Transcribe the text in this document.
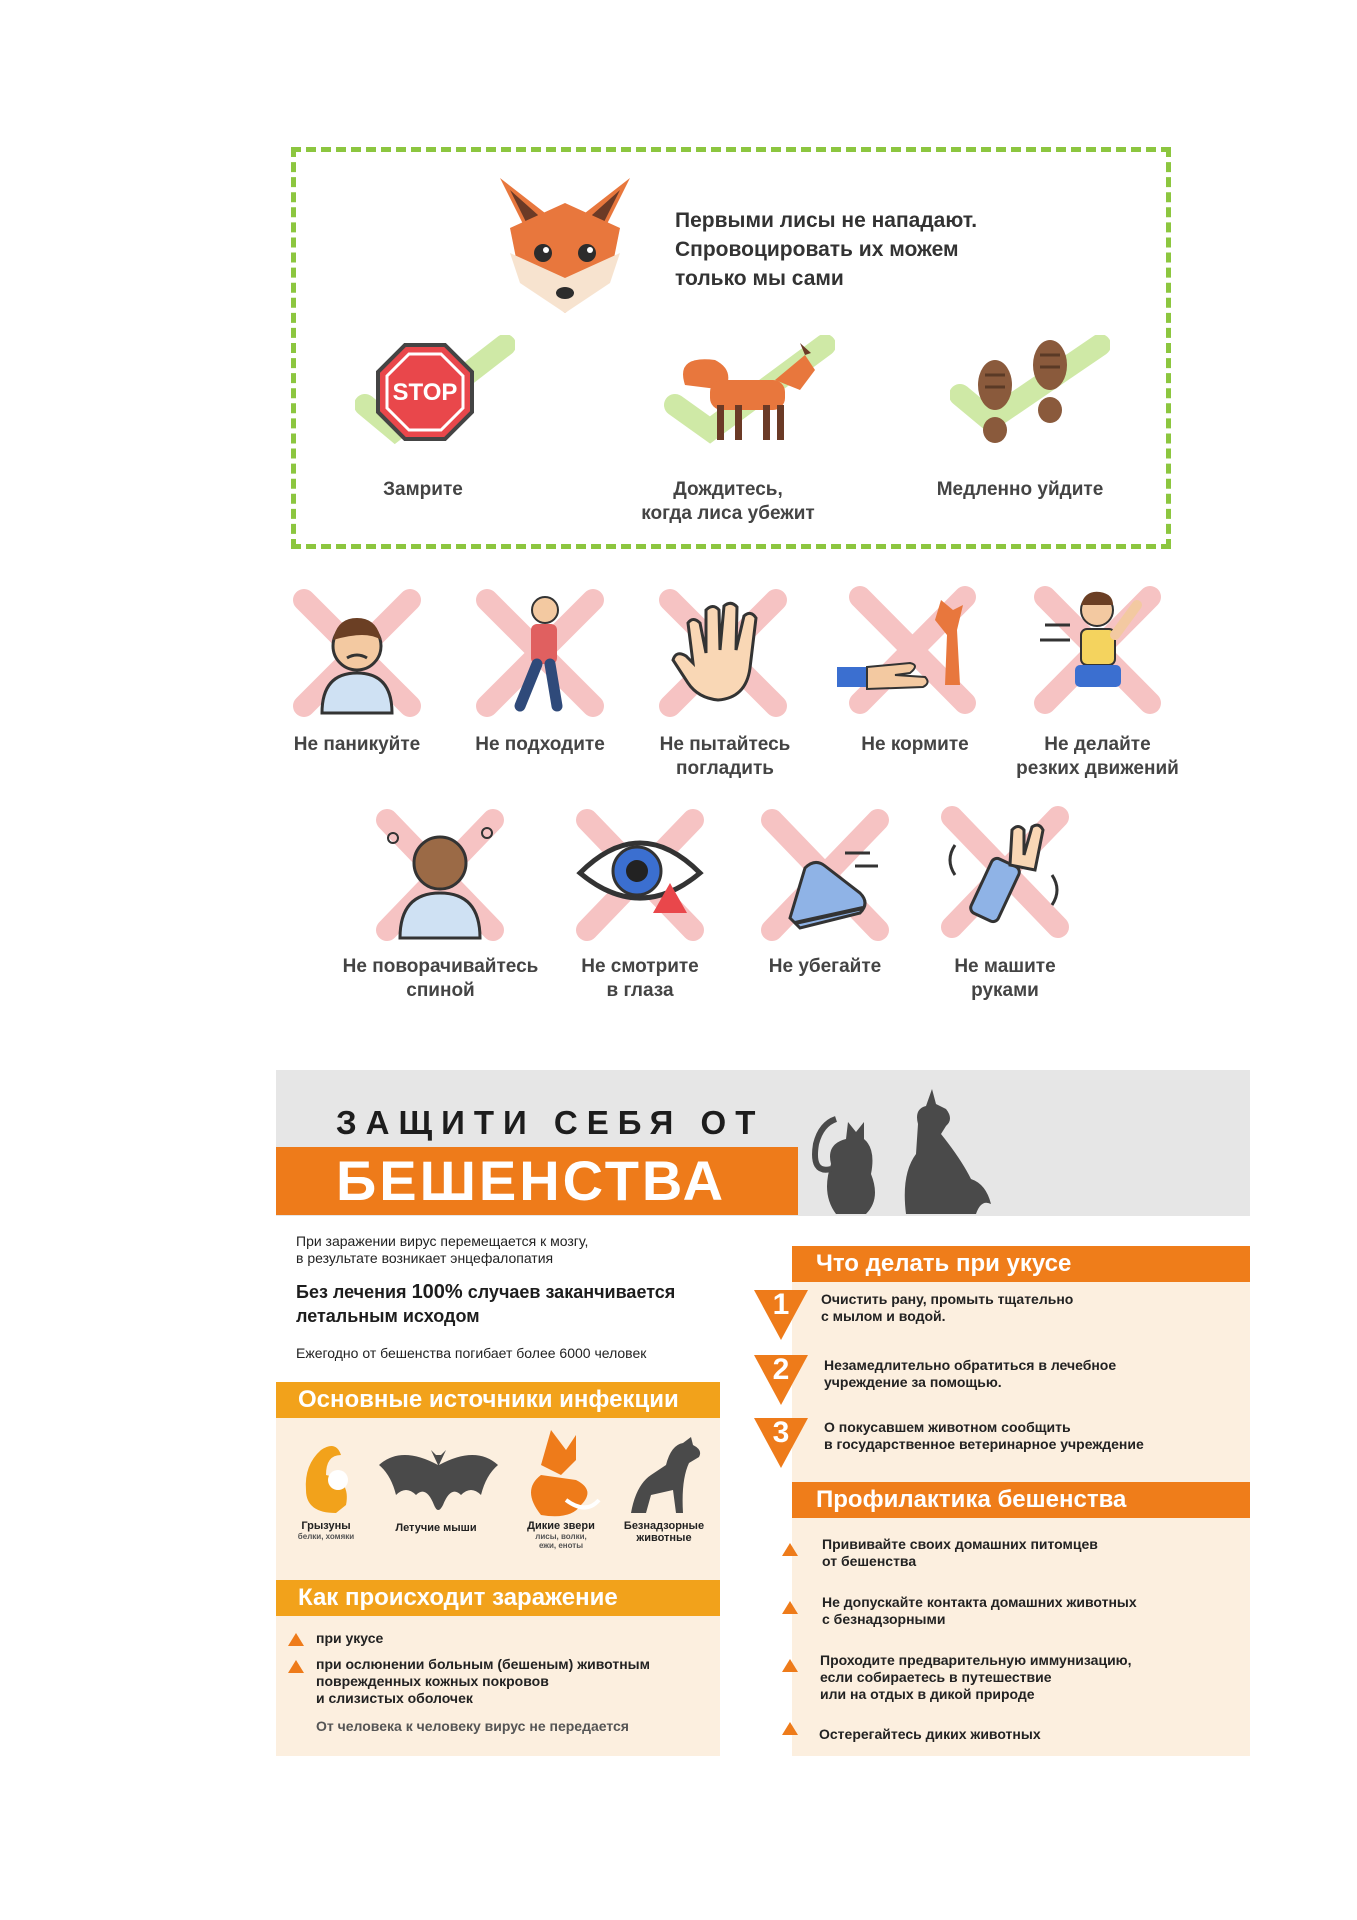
Первыми лисы не нападают.
Спровоцировать их можем
только мы сами
STOP
Замрите	Дождитесь,
когда лиса убежит
Медленно уйдите
Не паникуйте	Не подходите	Не пытайтесь
погладить
Не кормите	Не делайте
резких движений
Не поворачивайтесь
спиной
Не смотрите
в глаза
Не убегайте	Не машите
руками
ЗАЩИТИ СЕБЯ ОТ
БЕШЕНСТВА
При заражении вирус перемещается к мозгу,
в результате возникает энцефалопатия
Без лечения 100% случаев заканчивается
летальным исходом
Ежегодно от бешенства погибает более 6000 человек
Основные источники инфекции
Грызуны
белки, хомяки
Летучие мыши	Дикие звери
лисы, волки,
ежи, еноты
Безнадзорные животные
Как происходит заражение
при укусе
при ослюнении больным (бешеным) животным
поврежденных кожных покровов
и слизистых оболочек
От человека к человеку вирус не передается
Что делать при укусе
1	Очистить рану, промыть тщательно
с мылом и водой.
2	Незамедлительно обратиться в лечебное
учреждение за помощью.
3	О покусавшем животном сообщить
в государственное ветеринарное учреждение
Профилактика бешенства
Прививайте своих домашних питомцев
от бешенства
Не допускайте контакта домашних животных
с безнадзорными
Проходите предварительную иммунизацию,
если собираетесь в путешествие
или на отдых в дикой природе
Остерегайтесь диких животных
